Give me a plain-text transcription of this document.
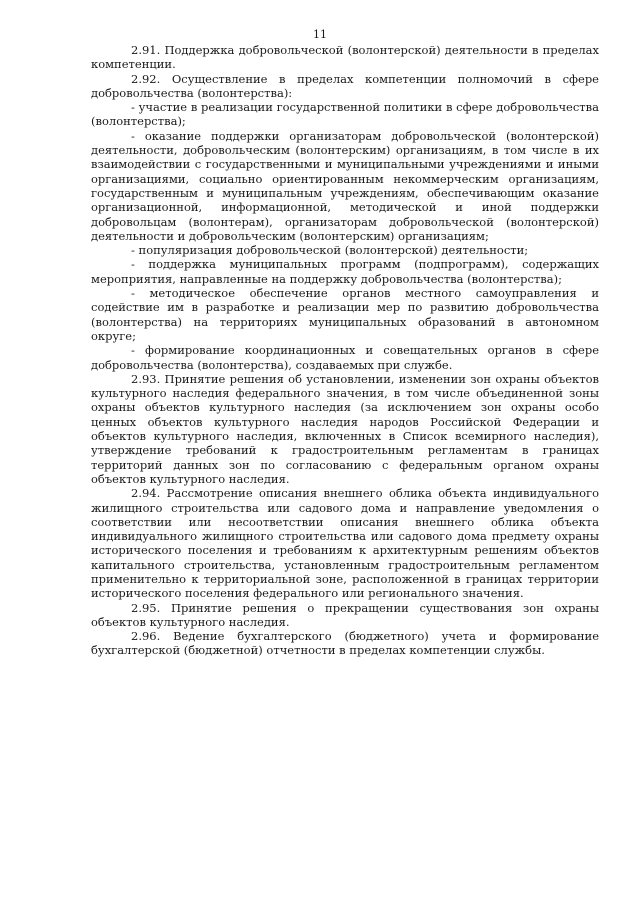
11

2.91. Поддержка добровольческой (волонтерской) деятельности в пределах компетенции.

2.92. Осуществление в пределах компетенции полномочий в сфере добровольчества (волонтерства):

- участие в реализации государственной политики в сфере добровольчества (волонтерства);

- оказание поддержки организаторам добровольческой (волонтерской) деятельности, добровольческим (волонтерским) организациям, в том числе в их взаимодействии с государственными и муниципальными учреждениями и иными организациями, социально ориентированным некоммерческим организациям, государственным и муниципальным учреждениям, обеспечивающим оказание организационной, информационной, методической и иной поддержки добровольцам (волонтерам), организаторам добровольческой (волонтерской) деятельности и добровольческим (волонтерским) организациям;

- популяризация добровольческой (волонтерской) деятельности;

- поддержка муниципальных программ (подпрограмм), содержащих мероприятия, направленные на поддержку добровольчества (волонтерства);

- методическое обеспечение органов местного самоуправления и содействие им в разработке и реализации мер по развитию добровольчества (волонтерства) на территориях муниципальных образований в автономном округе;

- формирование координационных и совещательных органов в сфере добровольчества (волонтерства), создаваемых при службе.

2.93. Принятие решения об установлении, изменении зон охраны объектов культурного наследия федерального значения, в том числе объединенной зоны охраны объектов культурного наследия (за исключением зон охраны особо ценных объектов культурного наследия народов Российской Федерации и объектов культурного наследия, включенных в Список всемирного наследия), утверждение требований к градостроительным регламентам в границах территорий данных зон по согласованию с федеральным органом охраны объектов культурного наследия.

2.94. Рассмотрение описания внешнего облика объекта индивидуального жилищного строительства или садового дома и направление уведомления о соответствии или несоответствии описания внешнего облика объекта индивидуального жилищного строительства или садового дома предмету охраны исторического поселения и требованиям к архитектурным решениям объектов капитального строительства, установленным градостроительным регламентом применительно к территориальной зоне, расположенной в границах территории исторического поселения федерального или регионального значения.

2.95. Принятие решения о прекращении существования зон охраны объектов культурного наследия.

2.96. Ведение бухгалтерского (бюджетного) учета и формирование бухгалтерской (бюджетной) отчетности в пределах компетенции службы.
